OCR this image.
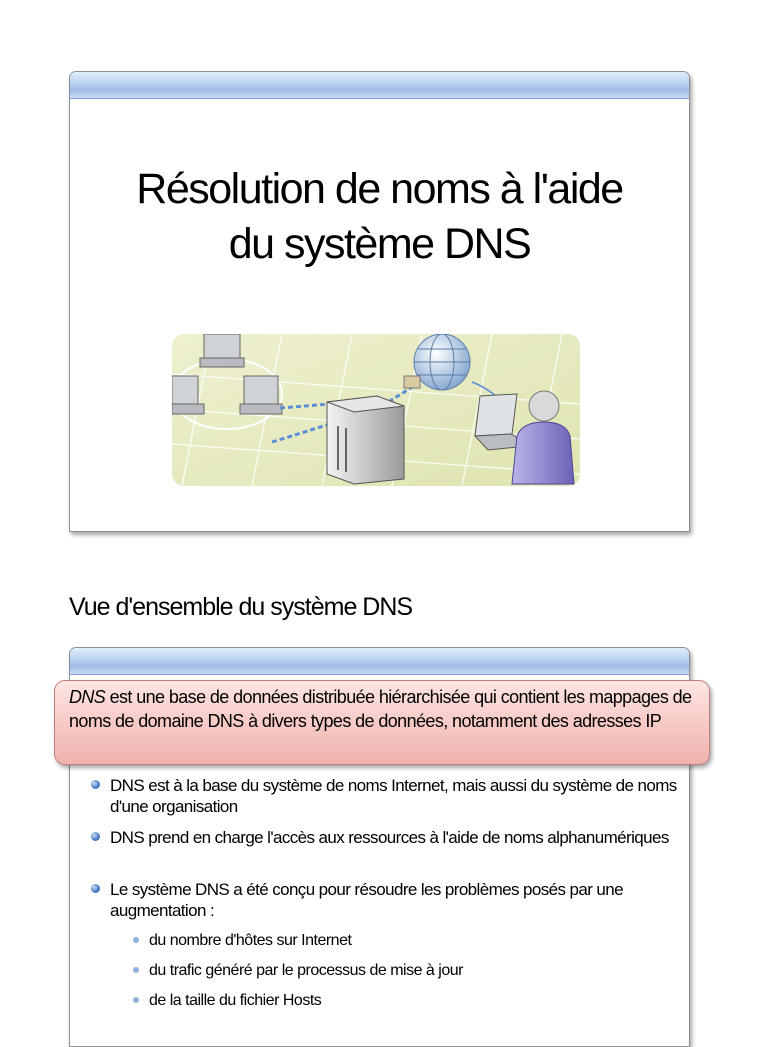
Résolution de noms à l'aide
du système DNS
Vue d'ensemble du système DNS
DNS est une base de données distribuée hiérarchisée qui contient les mappages de noms de domaine DNS à divers types de données, notamment des adresses IP
DNS est à la base du système de noms Internet, mais aussi du système de noms d'une organisation
DNS prend en charge l'accès aux ressources à l'aide de noms alphanumériques
Le système DNS a été conçu pour résoudre les problèmes posés par une augmentation :
du nombre d'hôtes sur Internet
du trafic généré par le processus de mise à jour
de la taille du fichier Hosts
